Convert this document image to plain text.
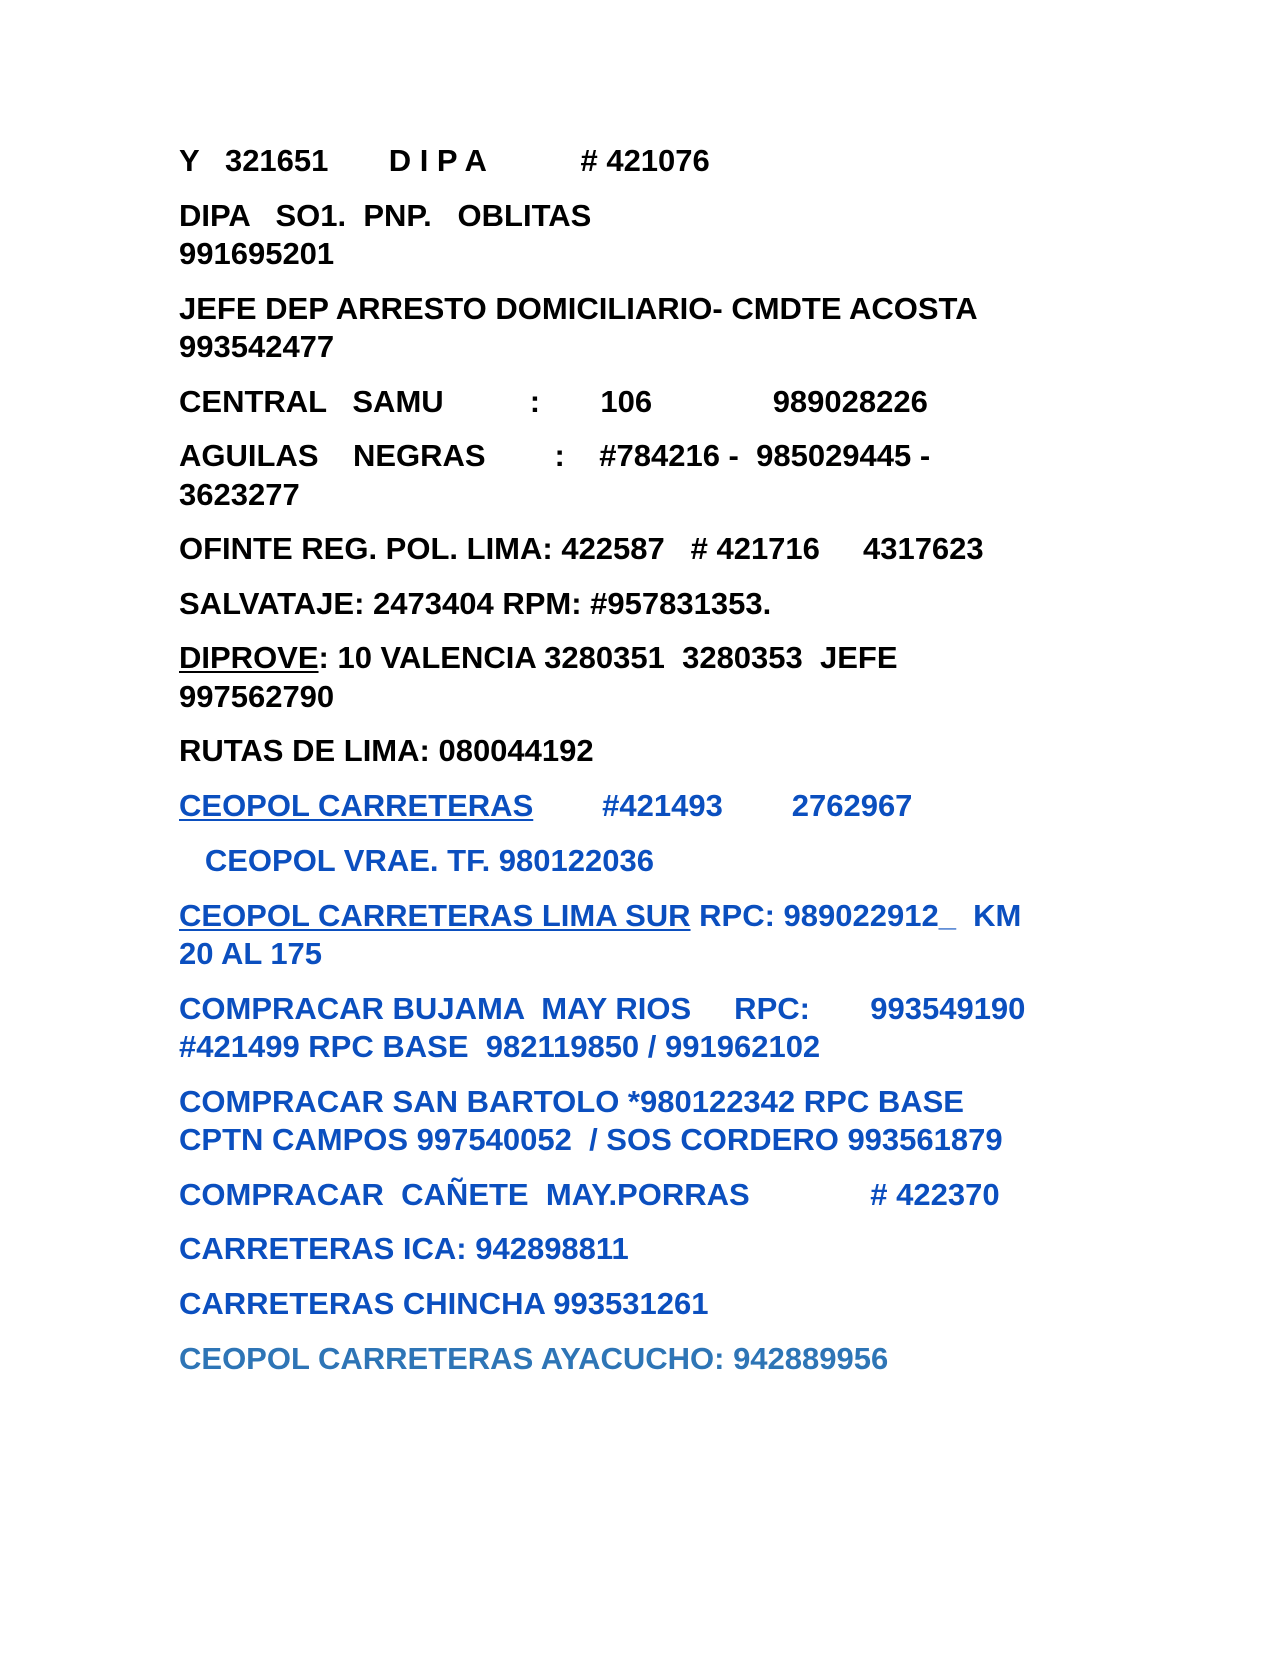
Y   321651       D I P A           # 421076

DIPA   SO1.  PNP.   OBLITAS

991695201

JEFE DEP ARRESTO DOMICILIARIO- CMDTE ACOSTA

993542477

CENTRAL   SAMU          :       106              989028226

AGUILAS    NEGRAS        :    #784216 -  985029445 -

3623277

OFINTE REG. POL. LIMA: 422587   # 421716     4317623

SALVATAJE: 2473404 RPM: #957831353.

DIPROVE: 10 VALENCIA 3280351  3280353  JEFE

997562790

RUTAS DE LIMA: 080044192

CEOPOL CARRETERAS        #421493        2762967

CEOPOL VRAE. TF. 980122036

CEOPOL CARRETERAS LIMA SUR RPC: 989022912_  KM

20 AL 175

COMPRACAR BUJAMA  MAY RIOS     RPC:       993549190

#421499 RPC BASE  982119850 / 991962102

COMPRACAR SAN BARTOLO *980122342 RPC BASE

CPTN CAMPOS 997540052  / SOS CORDERO 993561879

COMPRACAR  CAÑETE  MAY.PORRAS              # 422370

CARRETERAS ICA: 942898811

CARRETERAS CHINCHA 993531261

CEOPOL CARRETERAS AYACUCHO: 942889956
